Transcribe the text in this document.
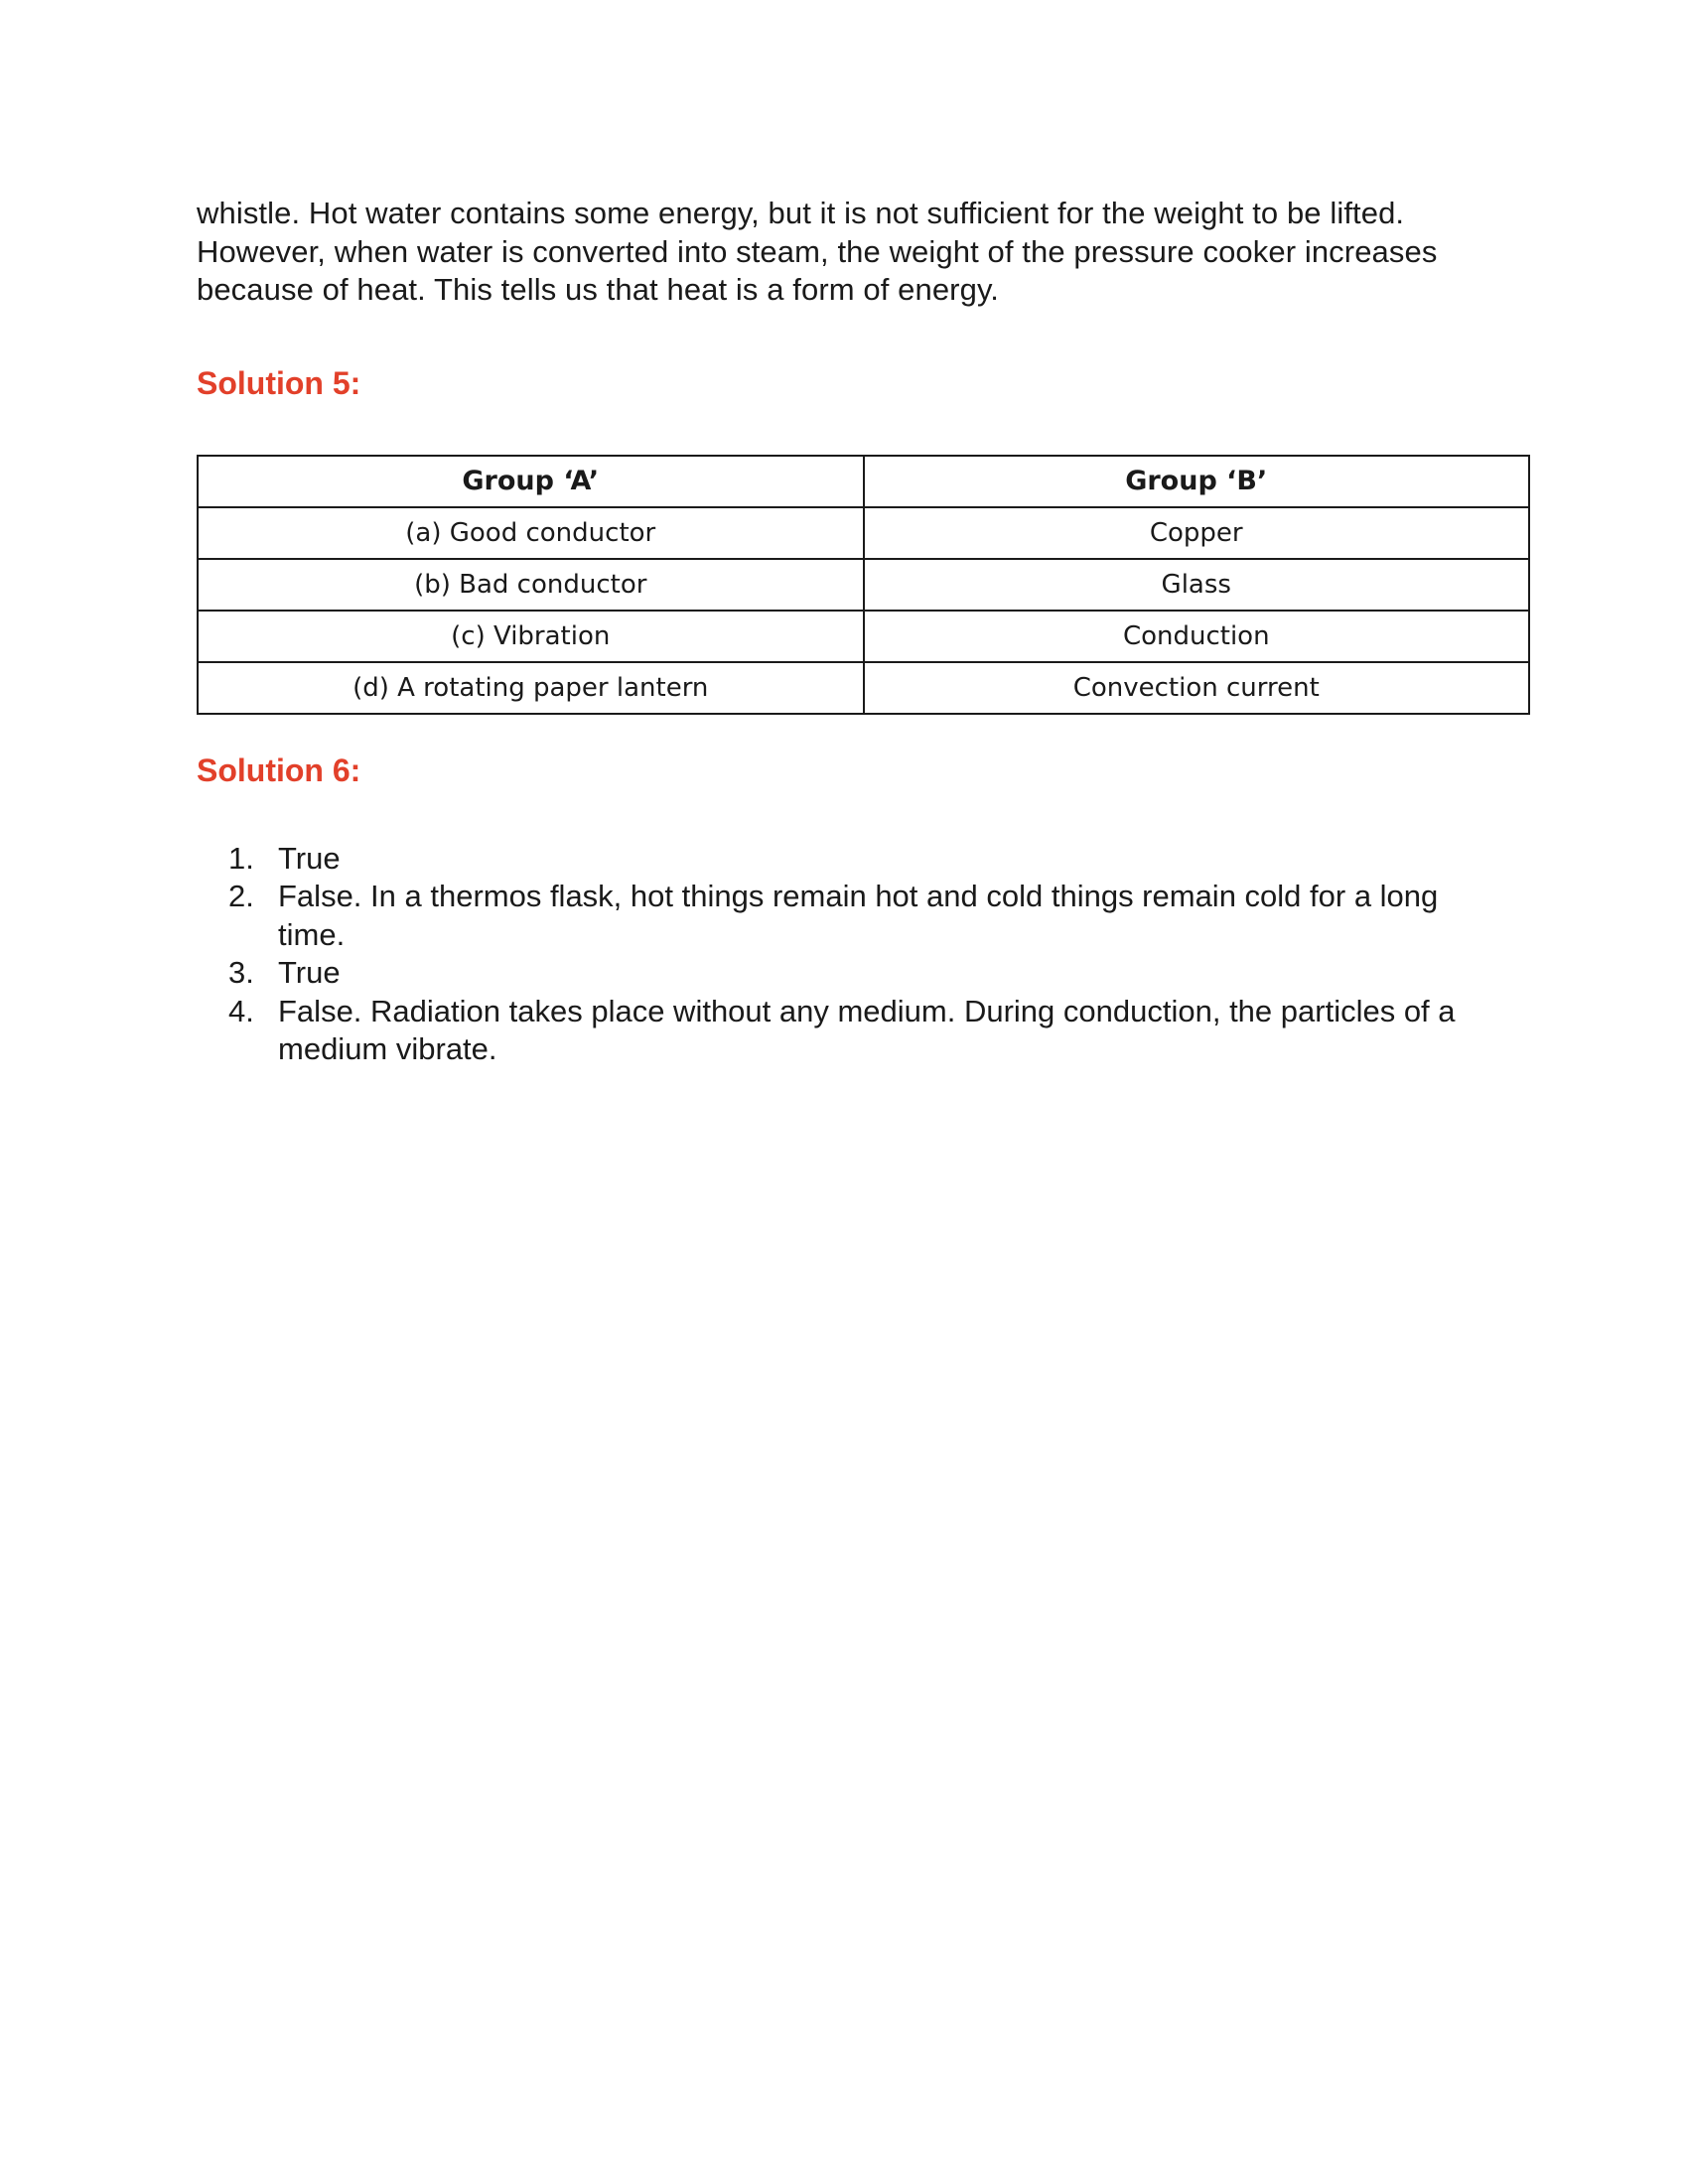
whistle. Hot water contains some energy, but it is not sufficient for the weight to be lifted. However, when water is converted into steam, the weight of the pressure cooker increases because of heat. This tells us that heat is a form of energy.

Solution 5:
Group ‘A’	Group ‘B’
(a) Good conductor	Copper
(b) Bad conductor	Glass
(c) Vibration	Conduction
(d) A rotating paper lantern	Convection current
Solution 6:
1. True
2. False. In a thermos flask, hot things remain hot and cold things remain cold for a long time.
3. True
4. False. Radiation takes place without any medium. During conduction, the particles of a medium vibrate.
